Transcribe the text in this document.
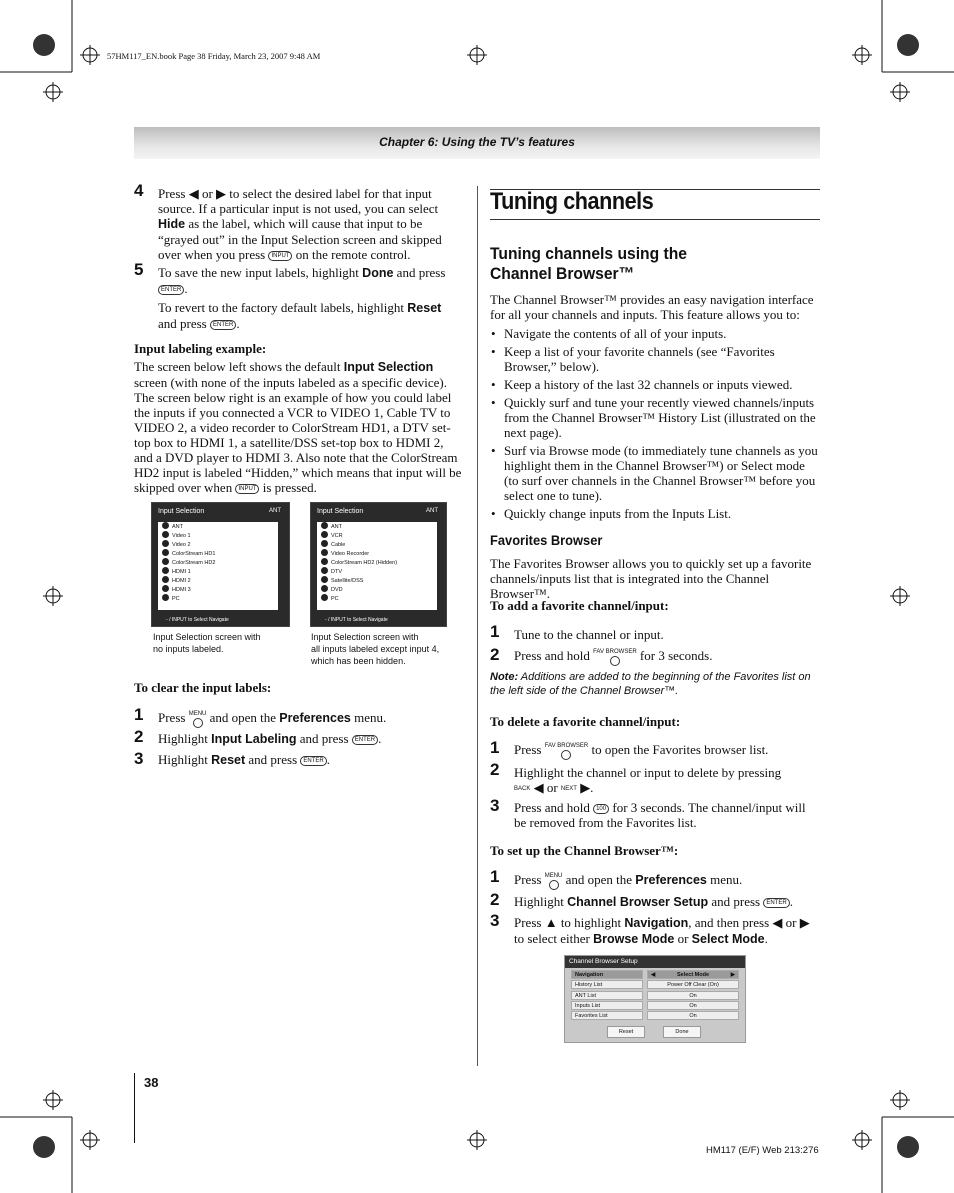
57HM117_EN.book Page 38 Friday, March 23, 2007 9:48 AM
Chapter 6: Using the TV’s features
4 Press ◀ or ▶ to select the desired label for that input source. If a particular input is not used, you can select Hide as the label, which will cause that input to be “grayed out” in the Input Selection screen and skipped over when you press INPUT on the remote control.

5 To save the new input labels, highlight Done and press ENTER .

To revert to the factory default labels, highlight Reset
and press ENTER .

Input labeling example:

The screen below left shows the default Input Selection screen (with none of the inputs labeled as a specific device). The screen below right is an example of how you could label the inputs if you connected a VCR to VIDEO 1, Cable TV to VIDEO 2, a video recorder to ColorStream HD1, a DTV set-top box to HDMI 1, a satellite/DSS set-top box to HDMI 2, and a DVD player to HDMI 3. Also note that the ColorStream HD2 input is labeled “Hidden,” which means that input will be skipped over when INPUT is pressed.

Input Selection	ANT
ANT
Video 1
Video 2
ColorStream HD1
ColorStream HD2
HDMI 1
HDMI 2
HDMI 3
PC
- / INPUT to Select Navigate
Input Selection screen with
no inputs labeled.
Input Selection	ANT
ANT
VCR
Cable
Video Recorder
ColorStream HD2 (Hidden)
DTV
Satellite/DSS
DVD
PC
- / INPUT to Select Navigate
Input Selection screen with
all inputs labeled except input 4,
which has been hidden.
To clear the input labels:
1 Press MENU
and open the Preferences menu.
2 Highlight Input Labeling and press ENTER .
3 Highlight Reset and press ENTER .
Tuning channels
Tuning channels using the
Channel Browser™

The Channel Browser™ provides an easy navigation interface for all your channels and inputs. This feature allows you to:

• Navigate the contents of all of your inputs.
• Keep a list of your favorite channels (see “Favorites Browser,” below).
• Keep a history of the last 32 channels or inputs viewed.
• Quickly surf and tune your recently viewed channels/inputs from the Channel Browser™ History List (illustrated on the next page).
• Surf via Browse mode (to immediately tune channels as you highlight them in the Channel Browser™) or Select mode (to surf over channels in the Channel Browser™ before you select one to tune).
• Quickly change inputs from the Inputs List.
Favorites Browser
The Favorites Browser allows you to quickly set up a favorite channels/inputs list that is integrated into the Channel Browser™.
To add a favorite channel/input:
1 Tune to the channel or input.
2 Press and hold FAV BROWSER
for 3 seconds.
Note: Additions are added to the beginning of the Favorites list on the left side of the Channel Browser™.
To delete a favorite channel/input:
1 Press FAV BROWSER
to open the Favorites browser list.
2 Highlight the channel or input to delete by pressing
BACK ◀ or NEXT ▶.
3 Press and hold 100 for 3 seconds. The channel/input will be removed from the Favorites list.
To set up the Channel Browser™:
1 Press MENU
and open the Preferences menu.
2 Highlight Channel Browser Setup and press ENTER .
3 Press ▲ to highlight Navigation, and then press ◀ or ▶ to select either Browse Mode or Select Mode.
Channel Browser Setup
Navigation	◀	Select Mode	▶
History List	Power Off Clear (On)
ANT List	On
Inputs List	On
Favorites List	On
Reset	Done
38
HM117 (E/F) Web 213:276
